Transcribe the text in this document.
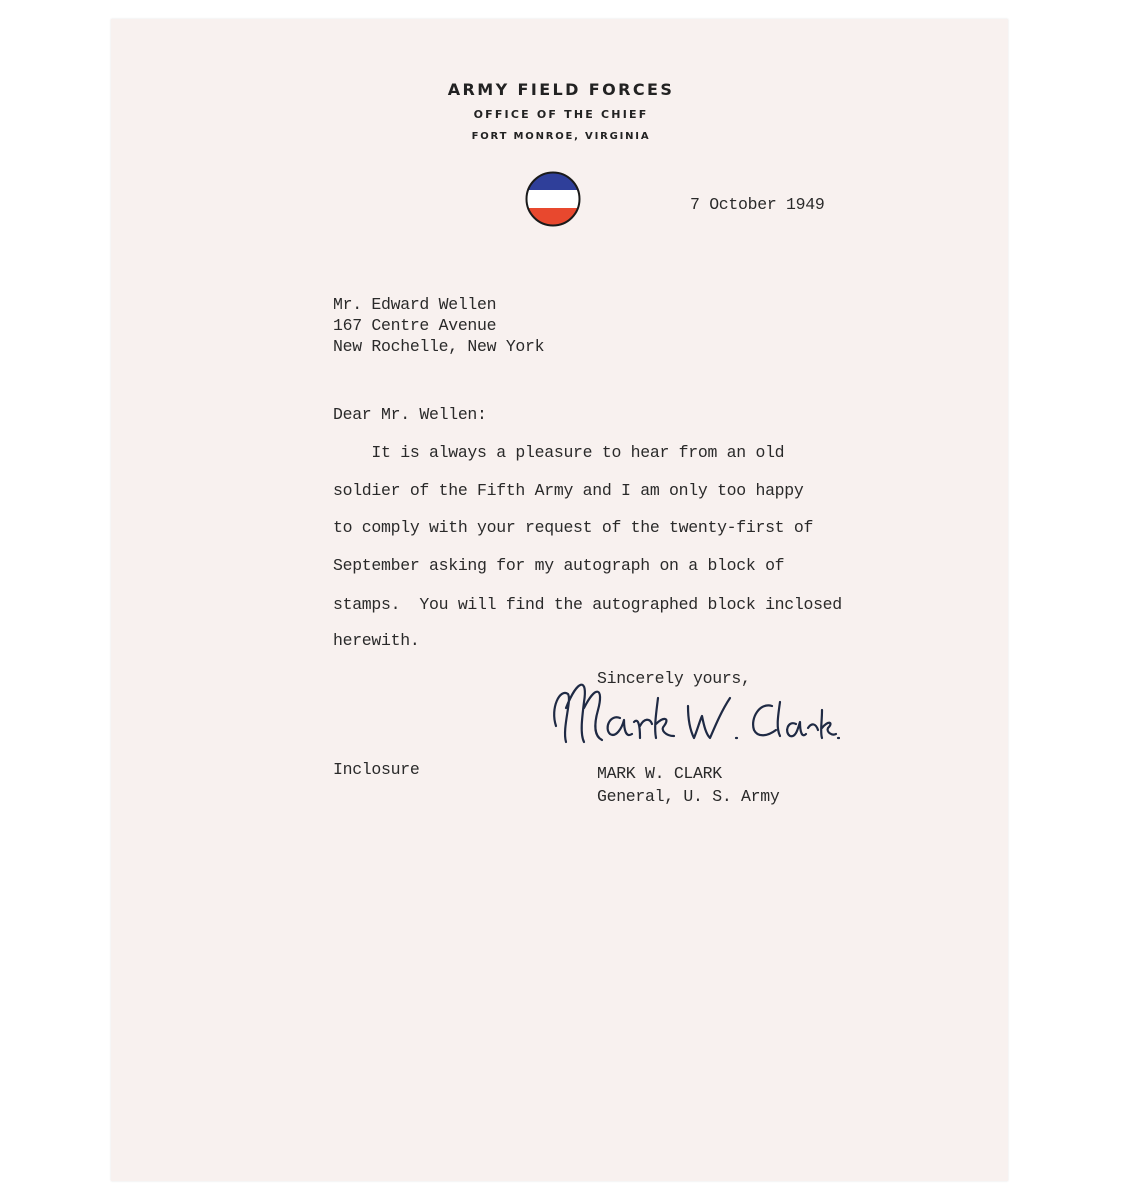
ARMY FIELD FORCES
OFFICE OF THE CHIEF
FORT MONROE, VIRGINIA
7 October 1949
Mr. Edward Wellen
167 Centre Avenue
New Rochelle, New York
Dear Mr. Wellen:
It is always a pleasure to hear from an old
soldier of the Fifth Army and I am only too happy
to comply with your request of the twenty-first of
September asking for my autograph on a block of
stamps.  You will find the autographed block inclosed
herewith.
Sincerely yours,
Inclosure	MARK W. CLARK
General, U. S. Army
